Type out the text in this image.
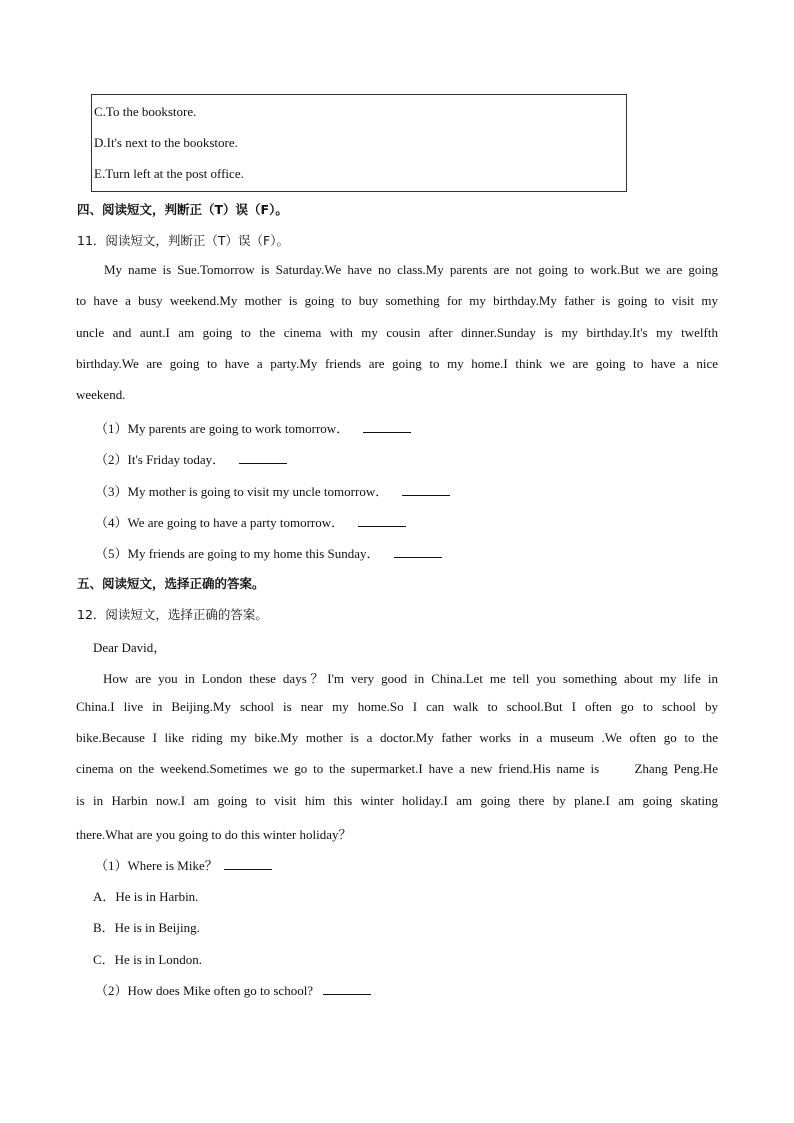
C.To the bookstore.
D.It's next to the bookstore.
E.Turn left at the post office.
四、阅读短文，判断正（T）误（F）。
11．阅读短文，判断正（T）误（F）。
My name is Sue.Tomorrow is Saturday.We have no class.My parents are not going to work.But we are going
to have a busy weekend.My mother is going to buy something for my birthday.My father is going to visit my
uncle and aunt.I am going to the cinema with my cousin after dinner.Sunday is my birthday.It's my twelfth
birthday.We are going to have a party.My friends are going to my home.I think we are going to have a nice
weekend.
（1）My parents are going to work tomorrow．
（2）It's Friday today．
（3）My mother is going to visit my uncle tomorrow．
（4）We are going to have a party tomorrow．
（5）My friends are going to my home this Sunday．
五、阅读短文，选择正确的答案。
12．阅读短文，选择正确的答案。
Dear David，
How are you in London these days？I'm very good in China.Let me tell you something about my life in
China.I live in Beijing.My school is near my home.So I can walk to school.But I often go to school by
bike.Because I like riding my bike.My mother is a doctor.My father works in a museum .We often go to the
cinema on the weekend.Sometimes we go to the supermarket.I have a new friend.His name is      Zhang Peng.He
is in Harbin now.I am going to visit him this winter holiday.I am going there by plane.I am going skating
there.What are you going to do this winter holiday？
（1）Where is Mike？
A．He is in Harbin.
B．He is in Beijing.
C．He is in London.
（2）How does Mike often go to school?
